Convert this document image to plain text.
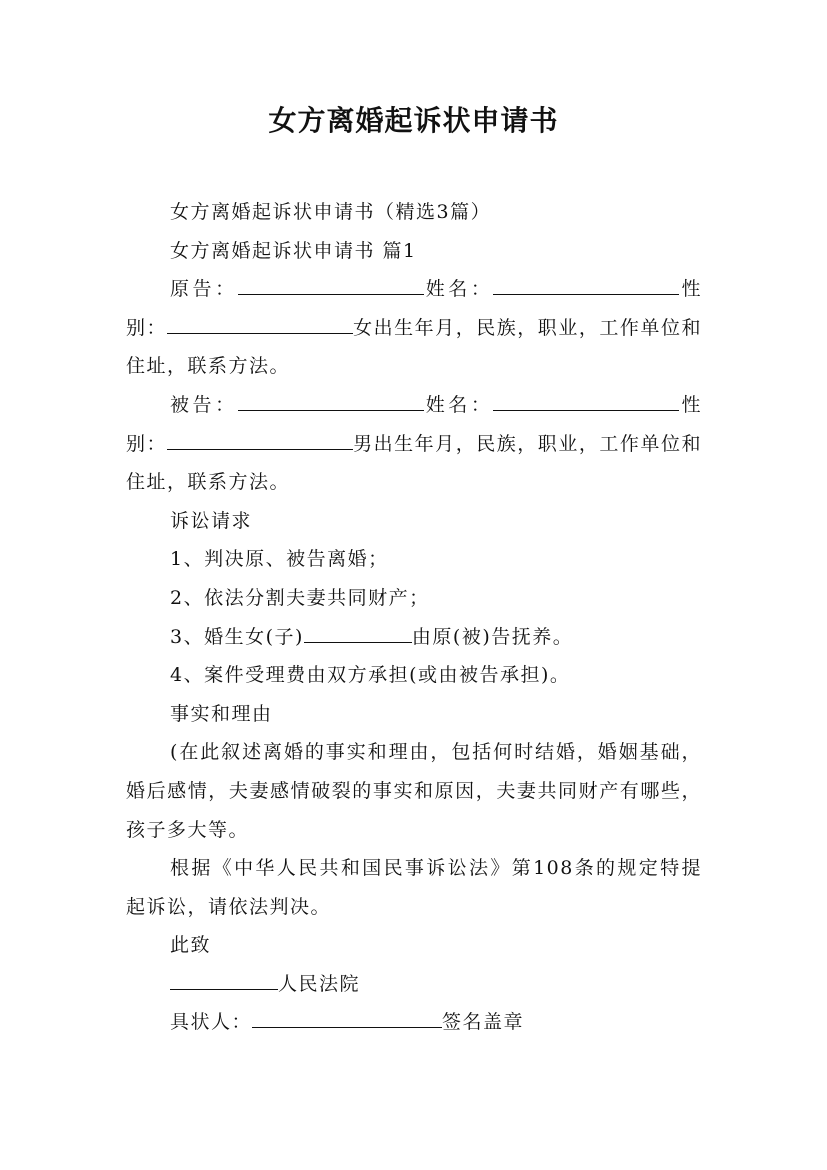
女方离婚起诉状申请书

女方离婚起诉状申请书（精选3篇）

女方离婚起诉状申请书 篇1

原告：	姓名：	性别：	女出生年月，民族，职业，工作单位和住址，联系方法。

被告：	姓名：	性别：	男出生年月，民族，职业，工作单位和住址，联系方法。

诉讼请求

1、判决原、被告离婚；

2、依法分割夫妻共同财产；

3、婚生女(子)	由原(被)告抚养。

4、案件受理费由双方承担(或由被告承担)。

事实和理由

(在此叙述离婚的事实和理由，包括何时结婚，婚姻基础，婚后感情，夫妻感情破裂的事实和原因，夫妻共同财产有哪些，孩子多大等。

根据《中华人民共和国民事诉讼法》第108条的规定特提起诉讼，请依法判决。

此致

人民法院

具状人：	签名盖章
